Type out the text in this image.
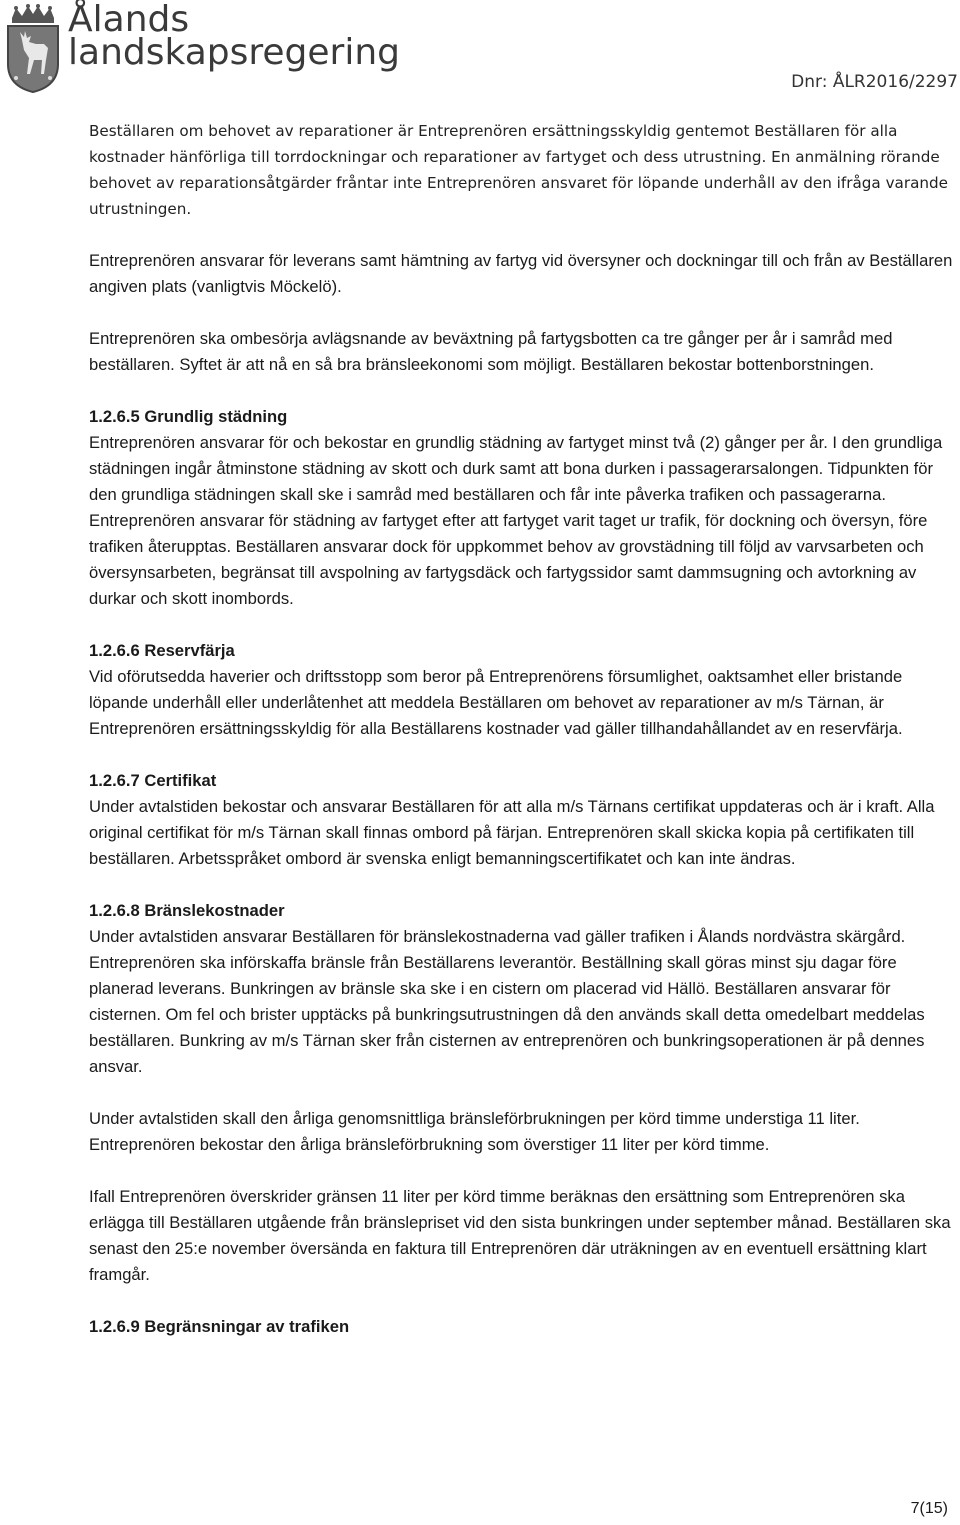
Ålands
landskapsregering
Dnr: ÅLR2016/2297

Beställaren om behovet av reparationer är Entreprenören ersättningsskyldig gentemot Beställaren för alla kostnader hänförliga till torrdockningar och reparationer av fartyget och dess utrustning. En anmälning rörande behovet av reparationsåtgärder fråntar inte Entreprenören ansvaret för löpande underhåll av den ifråga varande utrustningen.

Entreprenören ansvarar för leverans samt hämtning av fartyg vid översyner och dockningar till och från av Beställaren angiven plats (vanligtvis Möckelö).

Entreprenören ska ombesörja avlägsnande av beväxtning på fartygsbotten ca tre gånger per år i samråd med beställaren. Syftet är att nå en så bra bränsleekonomi som möjligt. Beställaren bekostar bottenborstningen.

1.2.6.5 Grundlig städning

Entreprenören ansvarar för och bekostar en grundlig städning av fartyget minst två (2) gånger per år. I den grundliga städningen ingår åtminstone städning av skott och durk samt att bona durken i passagerarsalongen. Tidpunkten för den grundliga städningen skall ske i samråd med beställaren och får inte påverka trafiken och passagerarna. Entreprenören ansvarar för städning av fartyget efter att fartyget varit taget ur trafik, för dockning och översyn, före trafiken återupptas. Beställaren ansvarar dock för uppkommet behov av grovstädning till följd av varvsarbeten och översynsarbeten, begränsat till avspolning av fartygsdäck och fartygssidor samt dammsugning och avtorkning av durkar och skott inombords.

1.2.6.6 Reservfärja

Vid oförutsedda haverier och driftsstopp som beror på Entreprenörens försumlighet, oaktsamhet eller bristande löpande underhåll eller underlåtenhet att meddela Beställaren om behovet av reparationer av m/s Tärnan, är Entreprenören ersättningsskyldig för alla Beställarens kostnader vad gäller tillhandahållandet av en reservfärja.

1.2.6.7 Certifikat

Under avtalstiden bekostar och ansvarar Beställaren för att alla m/s Tärnans certifikat uppdateras och är i kraft. Alla original certifikat för m/s Tärnan skall finnas ombord på färjan. Entreprenören skall skicka kopia på certifikaten till beställaren. Arbetsspråket ombord är svenska enligt bemanningscertifikatet och kan inte ändras.

1.2.6.8 Bränslekostnader

Under avtalstiden ansvarar Beställaren för bränslekostnaderna vad gäller trafiken i Ålands nordvästra skärgård. Entreprenören ska införskaffa bränsle från Beställarens leverantör. Beställning skall göras minst sju dagar före planerad leverans. Bunkringen av bränsle ska ske i en cistern om placerad vid Hällö. Beställaren ansvarar för cisternen. Om fel och brister upptäcks på bunkringsutrustningen då den används skall detta omedelbart meddelas beställaren. Bunkring av m/s Tärnan sker från cisternen av entreprenören och bunkringsoperationen är på dennes ansvar.

Under avtalstiden skall den årliga genomsnittliga bränsleförbrukningen per körd timme understiga 11 liter. Entreprenören bekostar den årliga bränsleförbrukning som överstiger 11 liter per körd timme.

Ifall Entreprenören överskrider gränsen 11 liter per körd timme beräknas den ersättning som Entreprenören ska erlägga till Beställaren utgående från bränslepriset vid den sista bunkringen under september månad. Beställaren ska senast den 25:e november översända en faktura till Entreprenören där uträkningen av en eventuell ersättning klart framgår.

1.2.6.9 Begränsningar av trafiken
7(15)
